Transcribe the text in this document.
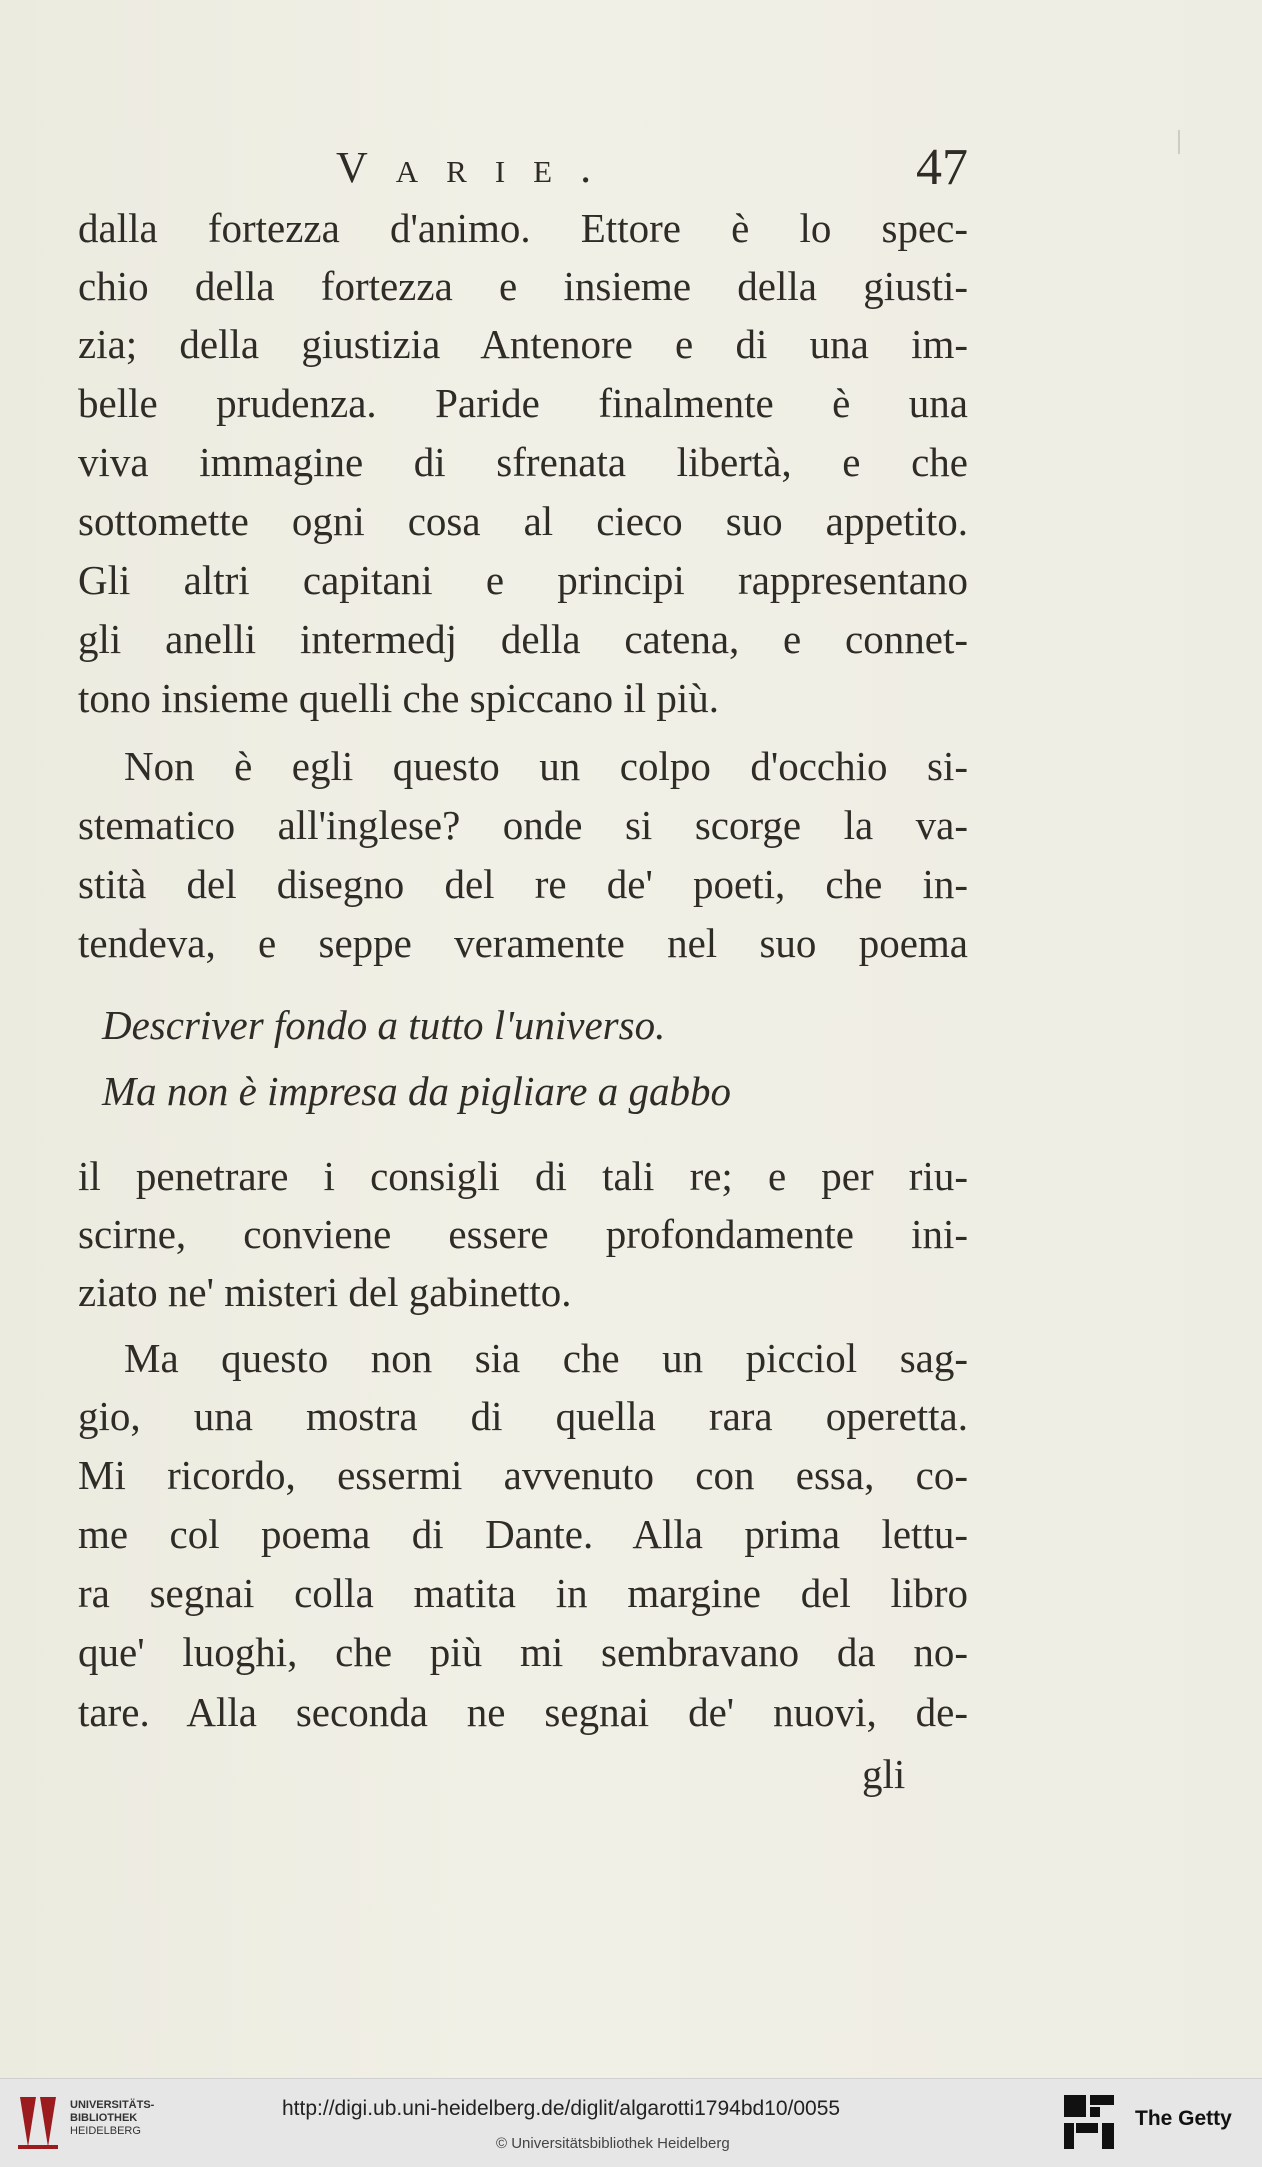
Varie.	47
dalla fortezza d'animo. Ettore è lo spec-
chio della fortezza e insieme della giusti-
zia; della giustizia Antenore e di una im-
belle prudenza. Paride finalmente è una
viva immagine di sfrenata libertà, e che
sottomette ogni cosa al cieco suo appetito.
Gli altri capitani e principi rappresentano
gli anelli intermedj della catena, e connet-
tono insieme quelli che spiccano il più.
Non è egli questo un colpo d'occhio si-
stematico all'inglese? onde si scorge la va-
stità del disegno del re de' poeti, che in-
tendeva, e seppe veramente nel suo poema
Descriver fondo a tutto l'universo.
Ma non è impresa da pigliare a gabbo
il penetrare i consigli di tali re; e per riu-
scirne, conviene essere profondamente ini-
ziato ne' misteri del gabinetto.
Ma questo non sia che un picciol sag-
gio, una mostra di quella rara operetta.
Mi ricordo, essermi avvenuto con essa, co-
me col poema di Dante. Alla prima lettu-
ra segnai colla matita in margine del libro
que' luoghi, che più mi sembravano da no-
tare. Alla seconda ne segnai de' nuovi, de-
gli
UNIVERSITÄTS-
BIBLIOTHEK
HEIDELBERG
http://digi.ub.uni-heidelberg.de/diglit/algarotti1794bd10/0055
© Universitätsbibliothek Heidelberg
The Getty
